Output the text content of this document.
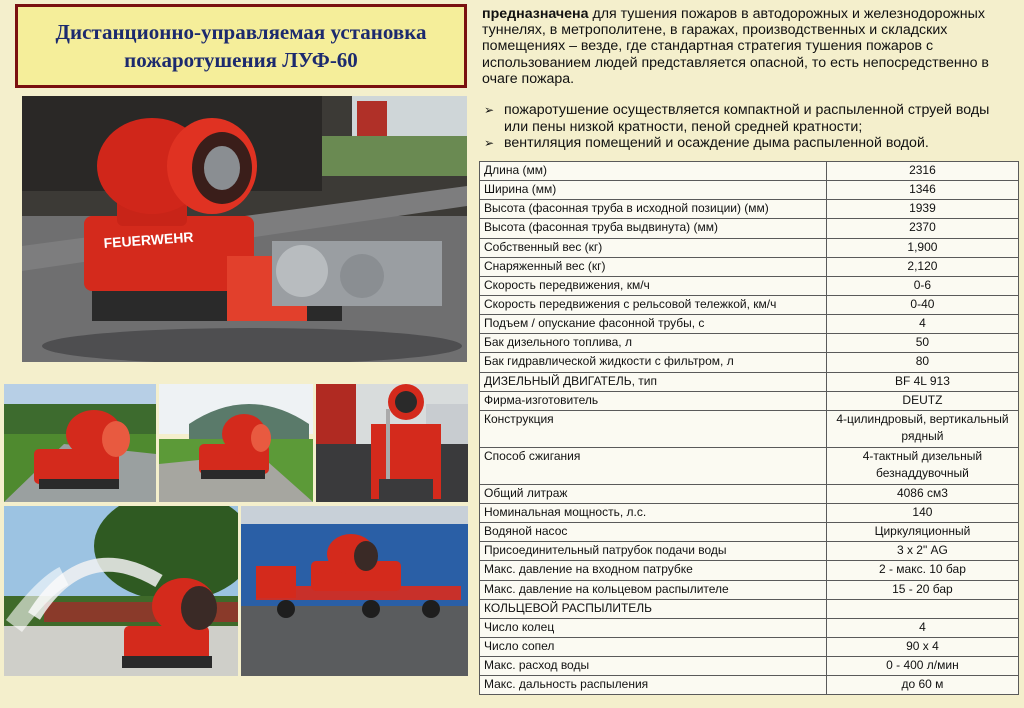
Дистанционно-управляемая установка
пожаротушения ЛУФ-60
предназначена для тушения пожаров в автодорожных и железнодорожных туннелях, в метрополитене, в гаражах, производственных и складских помещениях – везде, где стандартная стратегия тушения пожаров с использованием людей представляется опасной, то есть непосредственно в очаге пожара.
➢ пожаротушение осуществляется компактной и распыленной струей воды или пены низкой кратности, пеной средней кратности;
➢ вентиляция помещений и осаждение дыма распыленной водой.
FEUERWEHR
Длина (мм)	2316
Ширина (мм)	1346
Высота (фасонная труба в исходной позиции) (мм)	1939
Высота (фасонная труба выдвинута) (мм)	2370
Собственный вес (кг)	1,900
Снаряженный вес (кг)	2,120
Скорость передвижения, км/ч	0-6
Скорость передвижения с рельсовой тележкой, км/ч	0-40
Подъем / опускание фасонной трубы, с	4
Бак дизельного топлива, л	50
Бак гидравлической жидкости с фильтром, л	80
ДИЗЕЛЬНЫЙ ДВИГАТЕЛЬ, тип	BF 4L 913
Фирма-изготовитель	DEUTZ
Конструкция	4-цилиндровый, вертикальный рядный
Способ сжигания	4-тактный дизельный безнаддувочный
Общий литраж	4086 см3
Номинальная мощность, л.с.	140
Водяной насос	Циркуляционный
Присоединительный патрубок подачи воды	3 х 2" AG
Макс. давление на входном патрубке	2 - макс. 10 бар
Макс. давление на кольцевом распылителе	15 - 20 бар
КОЛЬЦЕВОЙ РАСПЫЛИТЕЛЬ	
Число колец	4
Число сопел	90 х 4
Макс. расход воды	0 - 400 л/мин
Макс. дальность распыления	до 60 м
